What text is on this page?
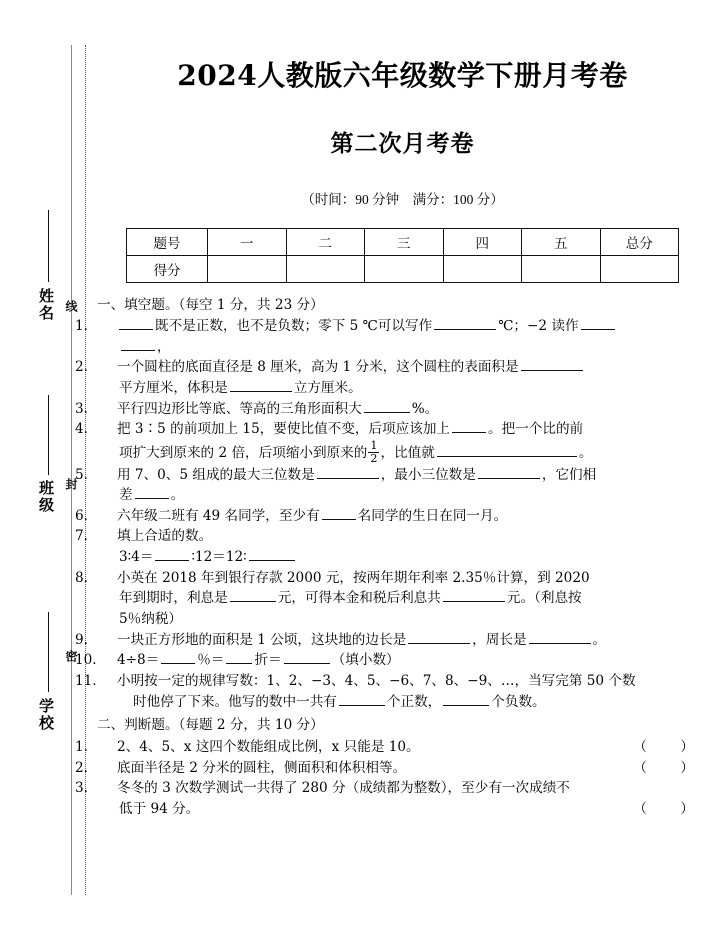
线
封
密
姓名
班级
学校
2024人教版六年级数学下册月考卷
第二次月考卷

（时间：90 分钟　满分：100 分）

题号	一	二	三	四	五	总分
得分						
一、填空题。（每空 1 分，共 23 分）
1.	既不是正数，也不是负数；零下 5 ℃可以写作	℃；−2 读作
，
2. 一个圆柱的底面直径是 8 厘米，高为 1 分米，这个圆柱的表面积是
平方厘米，体积是	立方厘米。
3. 平行四边形比等底、等高的三角形面积大	%。
4. 把 3∶5 的前项加上 15，要使比值不变，后项应该加上	。把一个比的前
项扩大到原来的 2 倍，后项缩小到原来的 $\frac{1}{2}$ ，比值就	。
5. 用 7、0、5 组成的最大三位数是	，最小三位数是	，它们相
差	。
6. 六年级二班有 49 名同学，至少有	名同学的生日在同一月。
7. 填上合适的数。
3∶4＝	∶12＝12∶
8. 小英在 2018 年到银行存款 2000 元，按两年期年利率 2.35％计算，到 2020
年到期时，利息是	元，可得本金和税后利息共	元。（利息按
5％纳税）
9. 一块正方形地的面积是 1 公顷，这块地的边长是	，周长是	。
10. 4÷8＝	％＝ 折＝	（填小数）
11. 小明按一定的规律写数：1、2、−3、4、5、−6、7、8、−9、…，当写完第 50 个数
时他停了下来。他写的数中一共有	个正数，	个负数。
二、判断题。（每题 2 分，共 10 分）
（　）
1. 2、4、5、x 这四个数能组成比例，x 只能是 10。
（　）
2. 底面半径是 2 分米的圆柱，侧面积和体积相等。
3. 冬冬的 3 次数学测试一共得了 280 分（成绩都为整数），至少有一次成绩不
（　）
低于 94 分。
